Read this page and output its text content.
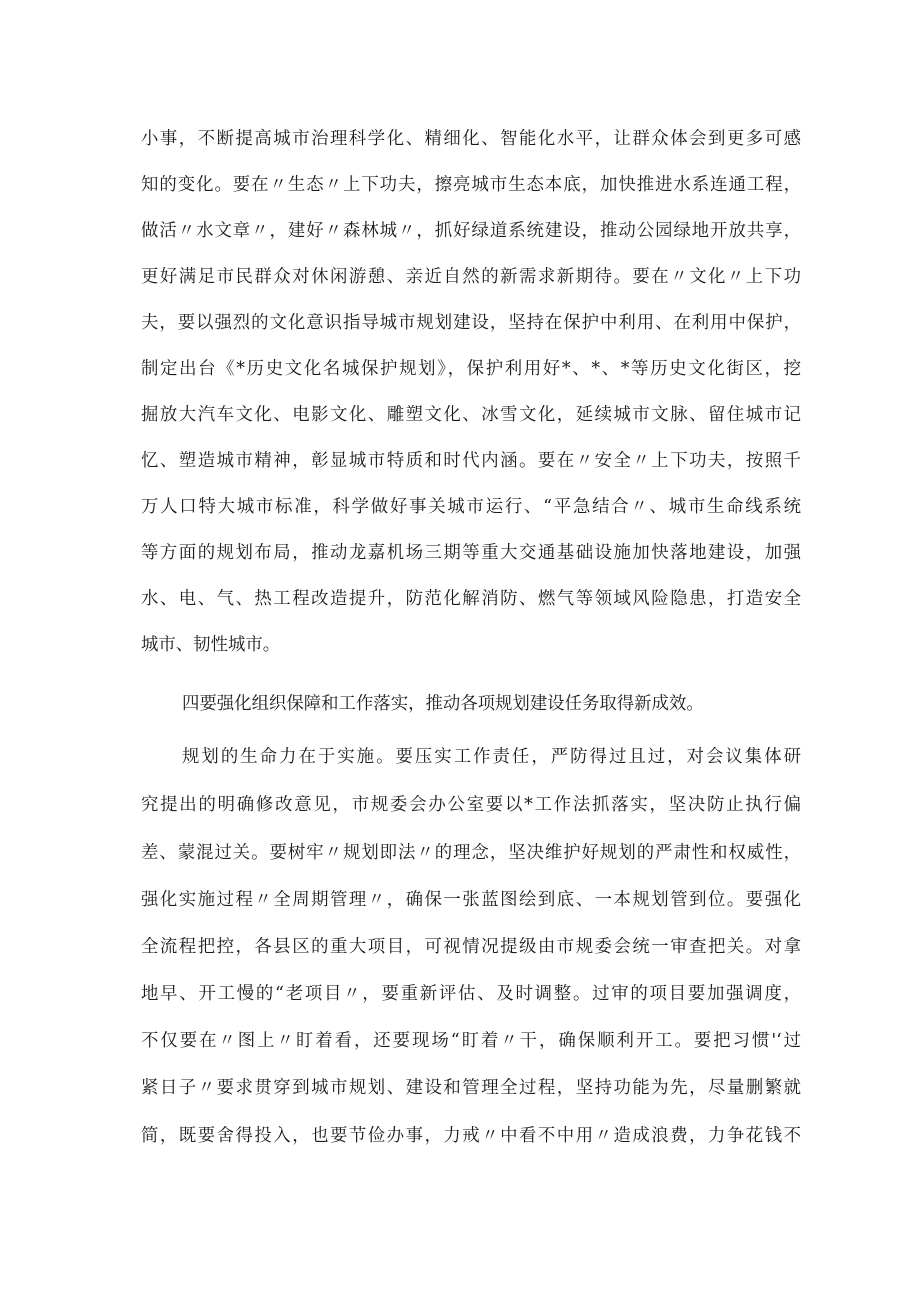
小事，不断提高城市治理科学化、精细化、智能化水平，让群众体会到更多可感
知的变化。要在〃生态〃上下功夫，擦亮城市生态本底，加快推进水系连通工程，
做活〃水文章〃，建好〃森林城〃，抓好绿道系统建设，推动公园绿地开放共享，
更好满足市民群众对休闲游憩、亲近自然的新需求新期待。要在〃文化〃上下功
夫，要以强烈的文化意识指导城市规划建设，坚持在保护中利用、在利用中保护，
制定出台《*历史文化名城保护规划》，保护利用好*、*、*等历史文化街区，挖
掘放大汽车文化、电影文化、雕塑文化、冰雪文化，延续城市文脉、留住城市记
忆、塑造城市精神，彰显城市特质和时代内涵。要在〃安全〃上下功夫，按照千
万人口特大城市标准，科学做好事关城市运行、“平急结合〃、城市生命线系统
等方面的规划布局，推动龙嘉机场三期等重大交通基础设施加快落地建设，加强
水、电、气、热工程改造提升，防范化解消防、燃气等领域风险隐患，打造安全
城市、韧性城市。
四要强化组织保障和工作落实，推动各项规划建设任务取得新成效。
规划的生命力在于实施。要压实工作责任，严防得过且过，对会议集体研
究提出的明确修改意见，市规委会办公室要以*工作法抓落实，坚决防止执行偏
差、蒙混过关。要树牢〃规划即法〃的理念，坚决维护好规划的严肃性和权威性，
强化实施过程〃全周期管理〃，确保一张蓝图绘到底、一本规划管到位。要强化
全流程把控，各县区的重大项目，可视情况提级由市规委会统一审查把关。对拿
地早、开工慢的“老项目〃，要重新评估、及时调整。过审的项目要加强调度，
不仅要在〃图上〃盯着看，还要现场“盯着〃干，确保顺利开工。要把习惯'‘过
紧日子〃要求贯穿到城市规划、建设和管理全过程，坚持功能为先，尽量删繁就
简，既要舍得投入，也要节俭办事，力戒〃中看不中用〃造成浪费，力争花钱不
